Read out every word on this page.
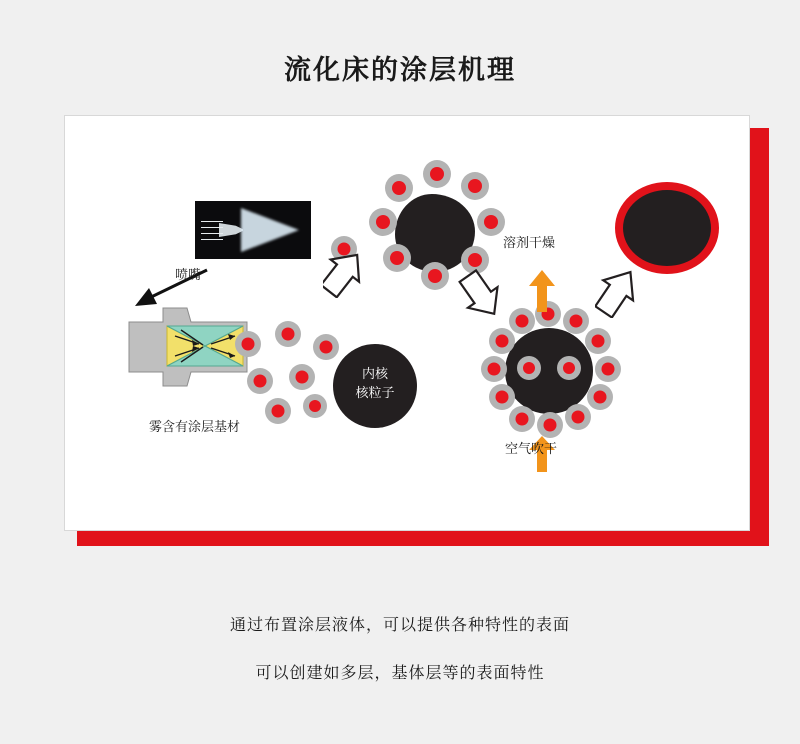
流化床的涂层机理
喷嘴
雾含有涂层基材
内核
核粒子
溶剂干燥
空气吹干
通过布置涂层液体，可以提供各种特性的表面
可以创建如多层，基体层等的表面特性
